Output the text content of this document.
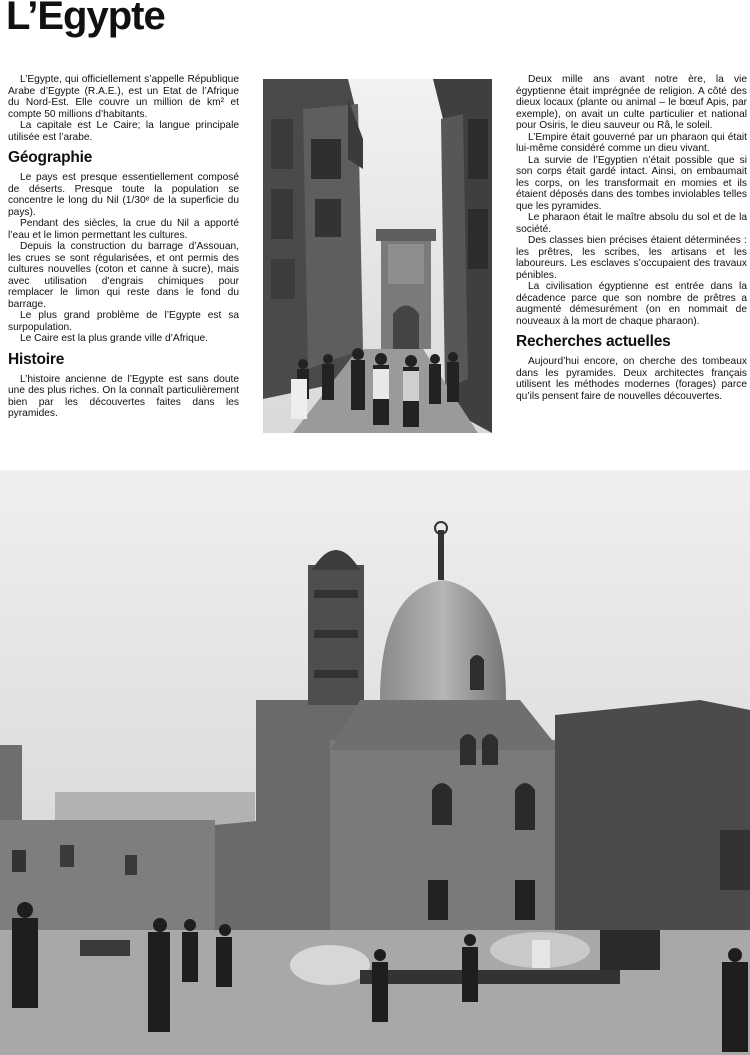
L’Egypte

L’Egypte, qui officiellement s’appelle République Arabe d’Egypte (R.A.E.), est un Etat de l’Afrique du Nord-Est. Elle couvre un million de km² et compte 50 millions d’habitants.

La capitale est Le Caire; la langue principale utilisée est l’arabe.

Géographie

Le pays est presque essentiellement composé de déserts. Presque toute la population se concentre le long du Nil (1/30ᵉ de la superficie du pays).

Pendant des siècles, la crue du Nil a apporté l’eau et le limon permettant les cultures.

Depuis la construction du barrage d’Assouan, les crues se sont régularisées, et ont permis des cultures nouvelles (coton et canne à sucre), mais avec utilisation d’engrais chimiques pour remplacer le limon qui reste dans le fond du barrage.

Le plus grand problème de l’Egypte est sa surpopulation.

Le Caire est la plus grande ville d’Afrique.

Histoire

L’histoire ancienne de l’Egypte est sans doute une des plus riches. On la connaît particulièrement bien par les découvertes faites dans les pyramides.

Deux mille ans avant notre ère, la vie égyptienne était imprégnée de religion. A côté des dieux locaux (plante ou animal – le bœuf Apis, par exemple), on avait un culte particulier et national pour Osiris, le dieu sauveur ou Râ, le soleil.

L’Empire était gouverné par un pharaon qui était lui-même considéré comme un dieu vivant.

La survie de l’Egyptien n’était possible que si son corps était gardé intact. Ainsi, on embaumait les corps, on les transformait en momies et ils étaient déposés dans des tombes inviolables telles que les pyramides.

Le pharaon était le maître absolu du sol et de la société.

Des classes bien précises étaient déterminées : les prêtres, les scribes, les artisans et les laboureurs. Les esclaves s’occupaient des travaux pénibles.

La civilisation égyptienne est entrée dans la décadence parce que son nombre de prêtres a augmenté démesurément (on en nommait de nouveaux à la mort de chaque pharaon).

Recherches actuelles

Aujourd’hui encore, on cherche des tombeaux dans les pyramides. Deux architectes français utilisent les méthodes modernes (forages) parce qu’ils pensent faire de nouvelles découvertes.
